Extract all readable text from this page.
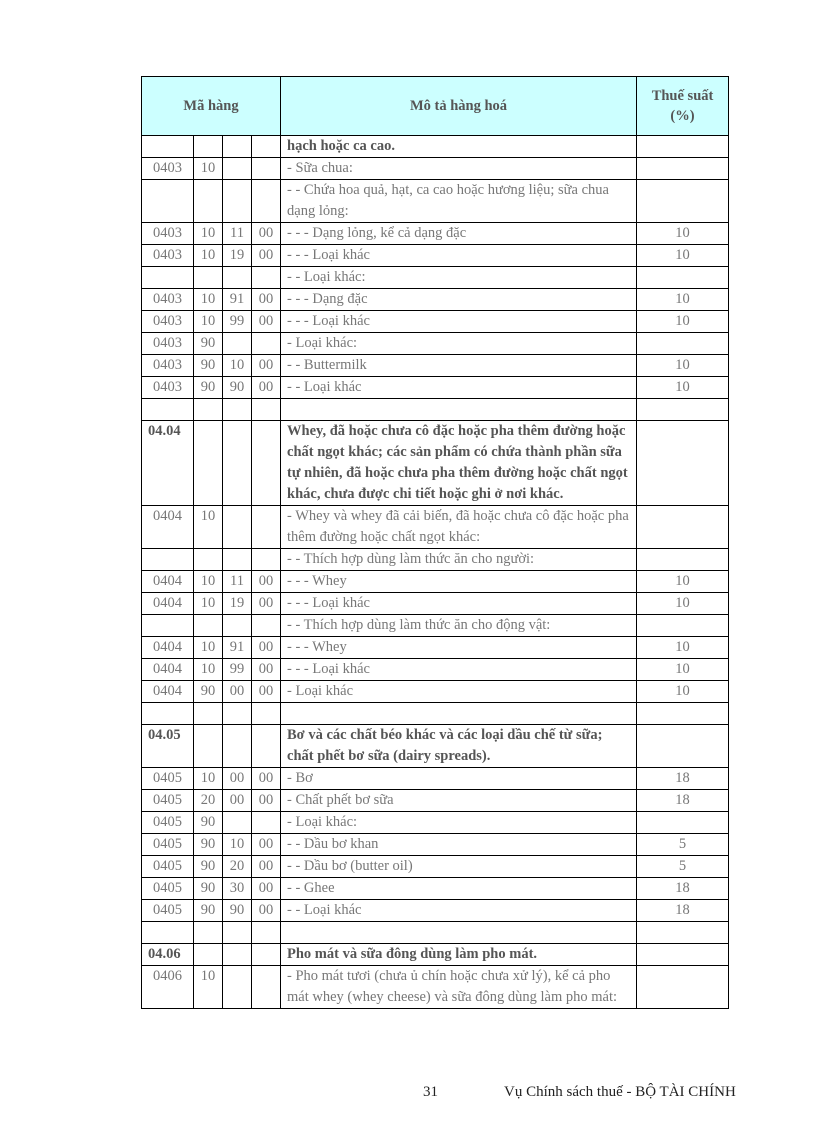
Mã hàng				Mô tả hàng hoá	Thuế suất (%)
				hạch hoặc ca cao.	
0403	10			- Sữa chua:	
				- - Chứa hoa quả, hạt, ca cao hoặc hương liệu; sữa chua dạng lỏng:	
0403	10	11	00	- - - Dạng lỏng, kể cả dạng đặc	10
0403	10	19	00	- - - Loại khác	10
				- - Loại khác:	
0403	10	91	00	- - - Dạng đặc	10
0403	10	99	00	- - - Loại khác	10
0403	90			- Loại khác:	
0403	90	10	00	- - Buttermilk	10
0403	90	90	00	- - Loại khác	10

04.04				Whey, đã hoặc chưa cô đặc hoặc pha thêm đường hoặc chất ngọt khác; các sản phẩm có chứa thành phần sữa tự nhiên, đã hoặc chưa pha thêm đường hoặc chất ngọt khác, chưa được chi tiết hoặc ghi ở nơi khác.	
0404	10			- Whey và whey đã cải biến, đã hoặc chưa cô đặc hoặc pha thêm đường hoặc chất ngọt khác:	
				- - Thích hợp dùng làm thức ăn cho người:	
0404	10	11	00	- - - Whey	10
0404	10	19	00	- - - Loại khác	10
				- - Thích hợp dùng làm thức ăn cho động vật:	
0404	10	91	00	- - - Whey	10
0404	10	99	00	- - - Loại khác	10
0404	90	00	00	- Loại khác	10

04.05				Bơ và các chất béo khác và các loại dầu chế từ sữa; chất phết bơ sữa (dairy spreads).	
0405	10	00	00	- Bơ	18
0405	20	00	00	- Chất phết bơ sữa	18
0405	90			- Loại khác:	
0405	90	10	00	- - Dầu bơ khan	5
0405	90	20	00	- - Dầu bơ (butter oil)	5
0405	90	30	00	- - Ghee	18
0405	90	90	00	- - Loại khác	18

04.06				Pho mát và sữa đông dùng làm pho mát.	
0406	10			- Pho mát tươi (chưa ủ chín hoặc chưa xử lý), kể cả pho mát whey (whey cheese) và sữa đông dùng làm pho mát:	
31	Vụ Chính sách thuế - BỘ TÀI CHÍNH
